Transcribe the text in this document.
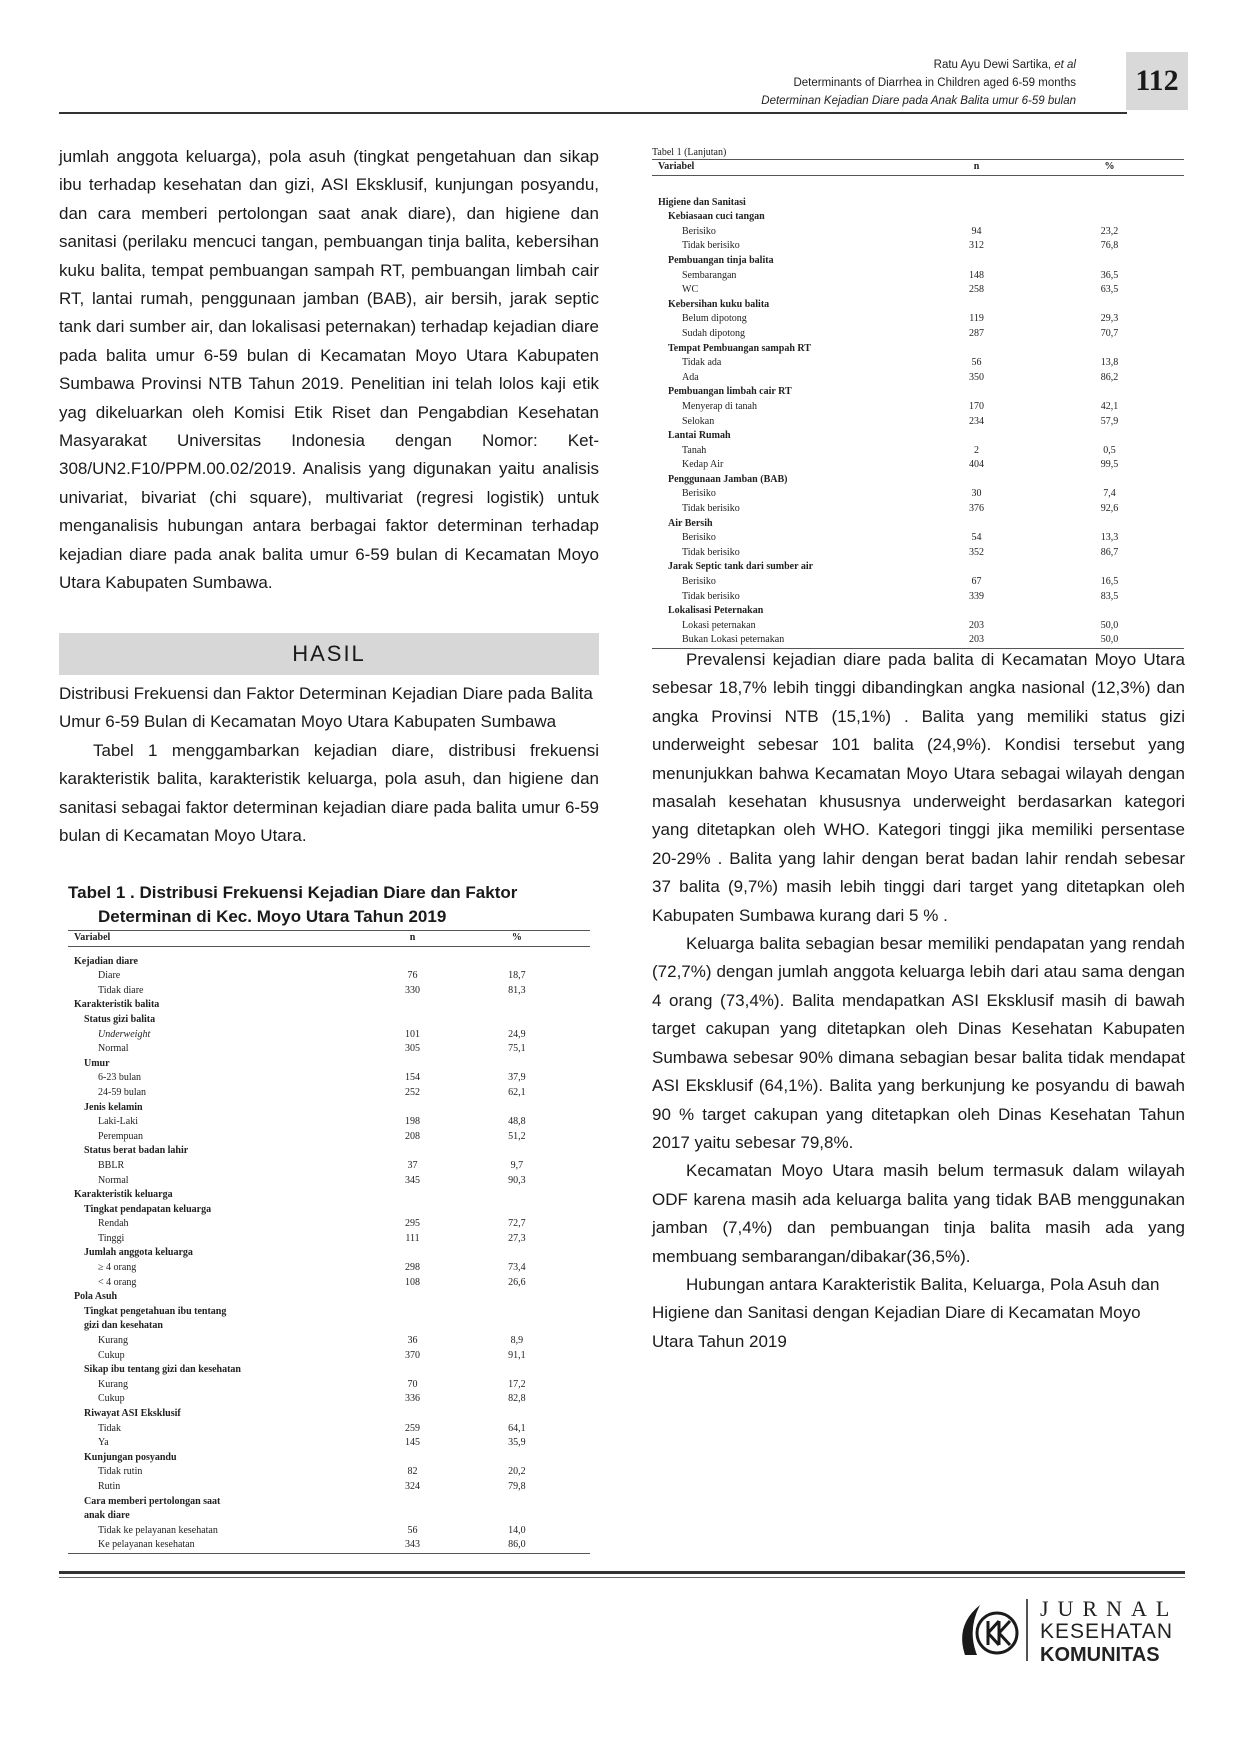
Ratu Ayu Dewi Sartika, et al
Determinants of Diarrhea in Children aged 6-59 months
Determinan Kejadian Diare pada Anak Balita umur 6-59 bulan
112

jumlah anggota keluarga), pola asuh (tingkat pengetahuan dan sikap ibu terhadap kesehatan dan gizi, ASI Eksklusif, kunjungan posyandu, dan cara memberi pertolongan saat anak diare), dan higiene dan sanitasi (perilaku mencuci tangan, pembuangan tinja balita, kebersihan kuku balita, tempat pembuangan sampah RT, pembuangan limbah cair RT, lantai rumah, penggunaan jamban (BAB), air bersih, jarak septic tank dari sumber air, dan lokalisasi peternakan) terhadap kejadian diare pada balita umur 6-59 bulan di Kecamatan Moyo Utara Kabupaten Sumbawa Provinsi NTB Tahun 2019. Penelitian ini telah lolos kaji etik yag dikeluarkan oleh Komisi Etik Riset dan Pengabdian Kesehatan Masyarakat Universitas Indonesia dengan Nomor: Ket-308/UN2.F10/PPM.00.02/2019. Analisis yang digunakan yaitu analisis univariat, bivariat (chi square), multivariat (regresi logistik) untuk menganalisis hubungan antara berbagai faktor determinan terhadap kejadian diare pada anak balita umur 6-59 bulan di Kecamatan Moyo Utara Kabupaten Sumbawa.

HASIL

Distribusi Frekuensi dan Faktor Determinan Kejadian Diare pada Balita Umur 6-59 Bulan di Kecamatan Moyo Utara Kabupaten Sumbawa

Tabel 1 menggambarkan kejadian diare, distribusi frekuensi karakteristik balita, karakteristik keluarga, pola asuh, dan higiene dan sanitasi sebagai faktor determinan kejadian diare pada balita umur 6-59 bulan di Kecamatan Moyo Utara.

Tabel 1 . Distribusi Frekuensi Kejadian Diare dan Faktor
Determinan di Kec. Moyo Utara Tahun 2019
Variabel	n	%

Kejadian diare		
Diare	76	18,7
Tidak diare	330	81,3
Karakteristik balita		
Status gizi balita		
Underweight	101	24,9
Normal	305	75,1
Umur		
6-23 bulan	154	37,9
24-59 bulan	252	62,1
Jenis kelamin		
Laki-Laki	198	48,8
Perempuan	208	51,2
Status berat badan lahir		
BBLR	37	9,7
Normal	345	90,3
Karakteristik keluarga		
Tingkat pendapatan keluarga		
Rendah	295	72,7
Tinggi	111	27,3
Jumlah anggota keluarga		
≥ 4 orang	298	73,4
< 4 orang	108	26,6
Pola Asuh		
Tingkat pengetahuan ibu tentang		
gizi dan kesehatan		
Kurang	36	8,9
Cukup	370	91,1
Sikap ibu tentang gizi dan kesehatan		
Kurang	70	17,2
Cukup	336	82,8
Riwayat ASI Eksklusif		
Tidak	259	64,1
Ya	145	35,9
Kunjungan posyandu		
Tidak rutin	82	20,2
Rutin	324	79,8
Cara memberi pertolongan saat		
anak diare		
Tidak ke pelayanan kesehatan	56	14,0
Ke pelayanan kesehatan	343	86,0
Tabel 1 (Lanjutan)
Variabel	n	%

Higiene dan Sanitasi		
Kebiasaan cuci tangan		
Berisiko	94	23,2
Tidak berisiko	312	76,8
Pembuangan tinja balita		
Sembarangan	148	36,5
WC	258	63,5
Kebersihan kuku balita		
Belum dipotong	119	29,3
Sudah dipotong	287	70,7
Tempat Pembuangan sampah RT		
Tidak ada	56	13,8
Ada	350	86,2
Pembuangan limbah cair RT		
Menyerap di tanah	170	42,1
Selokan	234	57,9
Lantai Rumah		
Tanah	2	0,5
Kedap Air	404	99,5
Penggunaan Jamban (BAB)		
Berisiko	30	7,4
Tidak berisiko	376	92,6
Air Bersih		
Berisiko	54	13,3
Tidak berisiko	352	86,7
Jarak Septic tank dari sumber air		
Berisiko	67	16,5
Tidak berisiko	339	83,5
Lokalisasi Peternakan		
Lokasi peternakan	203	50,0
Bukan Lokasi peternakan	203	50,0

Prevalensi kejadian diare pada balita di Kecamatan Moyo Utara sebesar 18,7% lebih tinggi dibandingkan angka nasional (12,3%) dan angka Provinsi NTB (15,1%) . Balita yang memiliki status gizi underweight sebesar 101 balita (24,9%). Kondisi tersebut yang menunjukkan bahwa Kecamatan Moyo Utara sebagai wilayah dengan masalah kesehatan khususnya underweight berdasarkan kategori yang ditetapkan oleh WHO. Kategori tinggi jika memiliki persentase 20-29% . Balita yang lahir dengan berat badan lahir rendah sebesar 37 balita (9,7%) masih lebih tinggi dari target yang ditetapkan oleh Kabupaten Sumbawa kurang dari 5 % .

Keluarga balita sebagian besar memiliki pendapatan yang rendah (72,7%) dengan jumlah anggota keluarga lebih dari atau sama dengan 4 orang (73,4%). Balita mendapatkan ASI Eksklusif masih di bawah target cakupan yang ditetapkan oleh Dinas Kesehatan Kabupaten Sumbawa sebesar 90% dimana sebagian besar balita tidak mendapat ASI Eksklusif (64,1%). Balita yang berkunjung ke posyandu di bawah 90 % target cakupan yang ditetapkan oleh Dinas Kesehatan Tahun 2017 yaitu sebesar 79,8%.

Kecamatan Moyo Utara masih belum termasuk dalam wilayah ODF karena masih ada keluarga balita yang tidak BAB menggunakan jamban (7,4%) dan pembuangan tinja balita masih ada yang membuang sembarangan/dibakar(36,5%).

Hubungan antara Karakteristik Balita, Keluarga, Pola Asuh dan Higiene dan Sanitasi dengan Kejadian Diare di Kecamatan Moyo Utara Tahun 2019

JURNAL
KESEHATAN
KOMUNITAS
